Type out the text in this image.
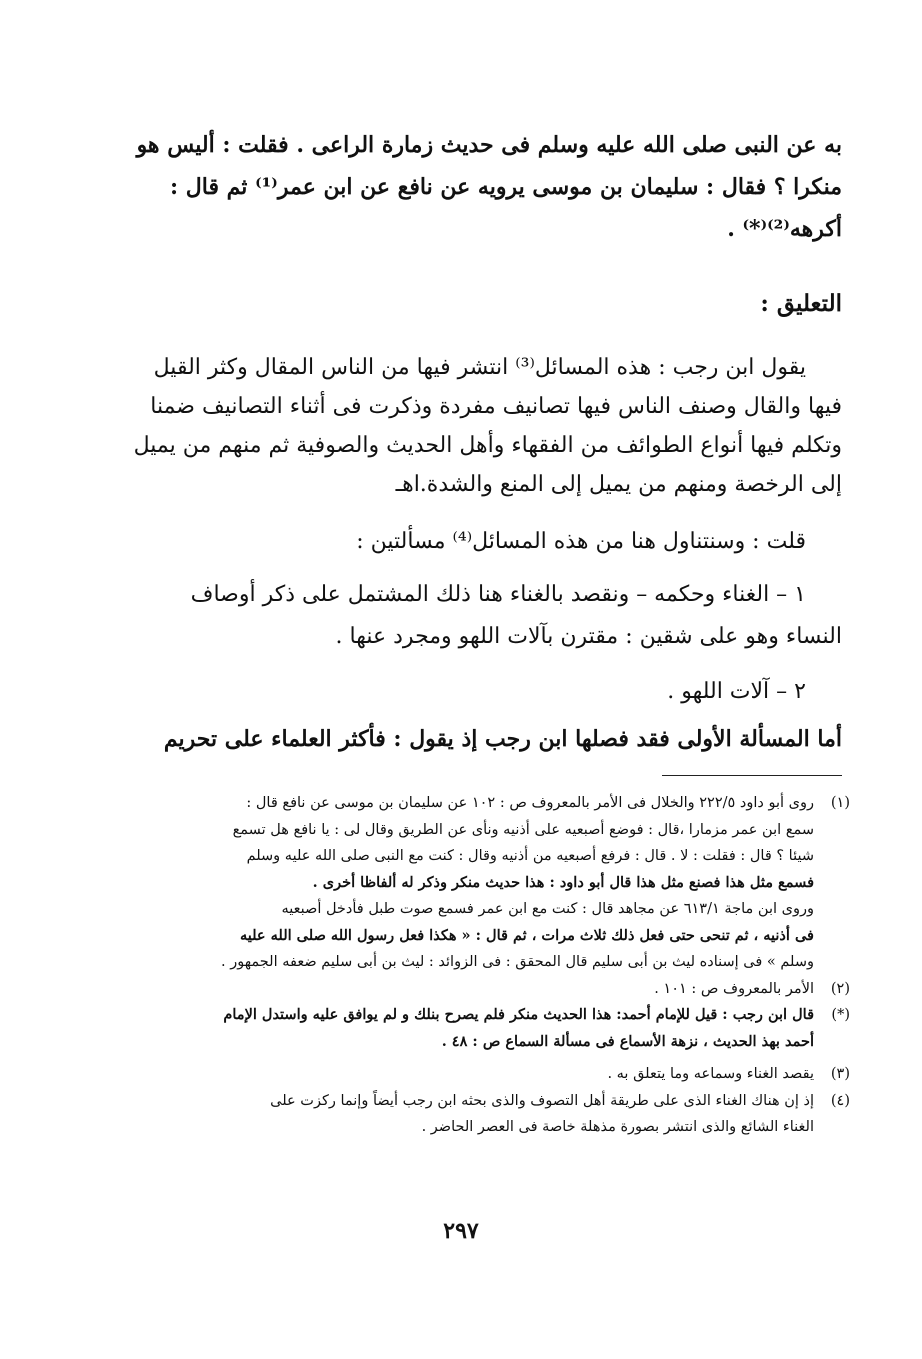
به عن النبى صلى الله عليه وسلم فى حديث زمارة الراعى . فقلت : أليس هو
منكرا ؟ فقال : سليمان بن موسى يرويه عن نافع عن ابن عمر⁽¹⁾ ثم قال :
أكرهه⁽²⁾⁽*⁾ .
التعليق :
يقول ابن رجب : هذه المسائل⁽³⁾ انتشر فيها من الناس المقال وكثر القيل
فيها والقال وصنف الناس فيها تصانيف مفردة وذكرت فى أثناء التصانيف ضمنا
وتكلم فيها أنواع الطوائف من الفقهاء وأهل الحديث والصوفية ثم منهم من يميل
إلى الرخصة ومنهم من يميل إلى المنع والشدة.اهـ
قلت : وسنتناول هنا من هذه المسائل⁽⁴⁾ مسألتين :
١ – الغناء وحكمه – ونقصد بالغناء هنا ذلك المشتمل على ذكر أوصاف
النساء وهو على شقين : مقترن بآلات اللهو ومجرد عنها .
٢ – آلات اللهو .
أما المسألة الأولى فقد فصلها ابن رجب إذ يقول : فأكثر العلماء على تحريم
(١)
روى أبو داود ٢٢٢/٥ والخلال فى الأمر بالمعروف ص : ١٠٢ عن سليمان بن موسى عن نافع قال :
سمع ابن عمر مزمارا ،قال : فوضع أصبعيه على أذنيه ونأى عن الطريق وقال لى : يا نافع هل تسمع
شيئا ؟ قال : فقلت : لا . قال : فرفع أصبعيه من أذنيه وقال : كنت مع النبى صلى الله عليه وسلم
فسمع مثل هذا فصنع مثل هذا قال أبو داود : هذا حديث منكر وذكر له ألفاظا أخرى .
وروى ابن ماجة ٦١٣/١ عن مجاهد قال : كنت مع ابن عمر فسمع صوت طبل فأدخل أصبعيه
فى أذنيه ، ثم تنحى حتى فعل ذلك ثلاث مرات ، ثم قال : « هكذا فعل رسول الله صلى الله عليه
وسلم » فى إسناده ليث بن أبى سليم قال المحقق : فى الزوائد : ليث بن أبى سليم ضعفه الجمهور .
(٢)
الأمر بالمعروف ص : ١٠١ .
(*)
قال ابن رجب : قيل للإمام أحمد: هذا الحديث منكر فلم يصرح بنلك و لم يوافق عليه واستدل الإمام
أحمد بهذ الحديث ، نزهة الأسماع فى مسألة السماع ص : ٤٨ .
(٣)
يقصد الغناء وسماعه وما يتعلق به .
(٤)
إذ إن هناك الغناء الذى على طريقة أهل التصوف والذى بحثه ابن رجب أيضاً وإنما ركزت على
الغناء الشائع والذى انتشر بصورة مذهلة خاصة فى العصر الحاضر .
٢٩٧
